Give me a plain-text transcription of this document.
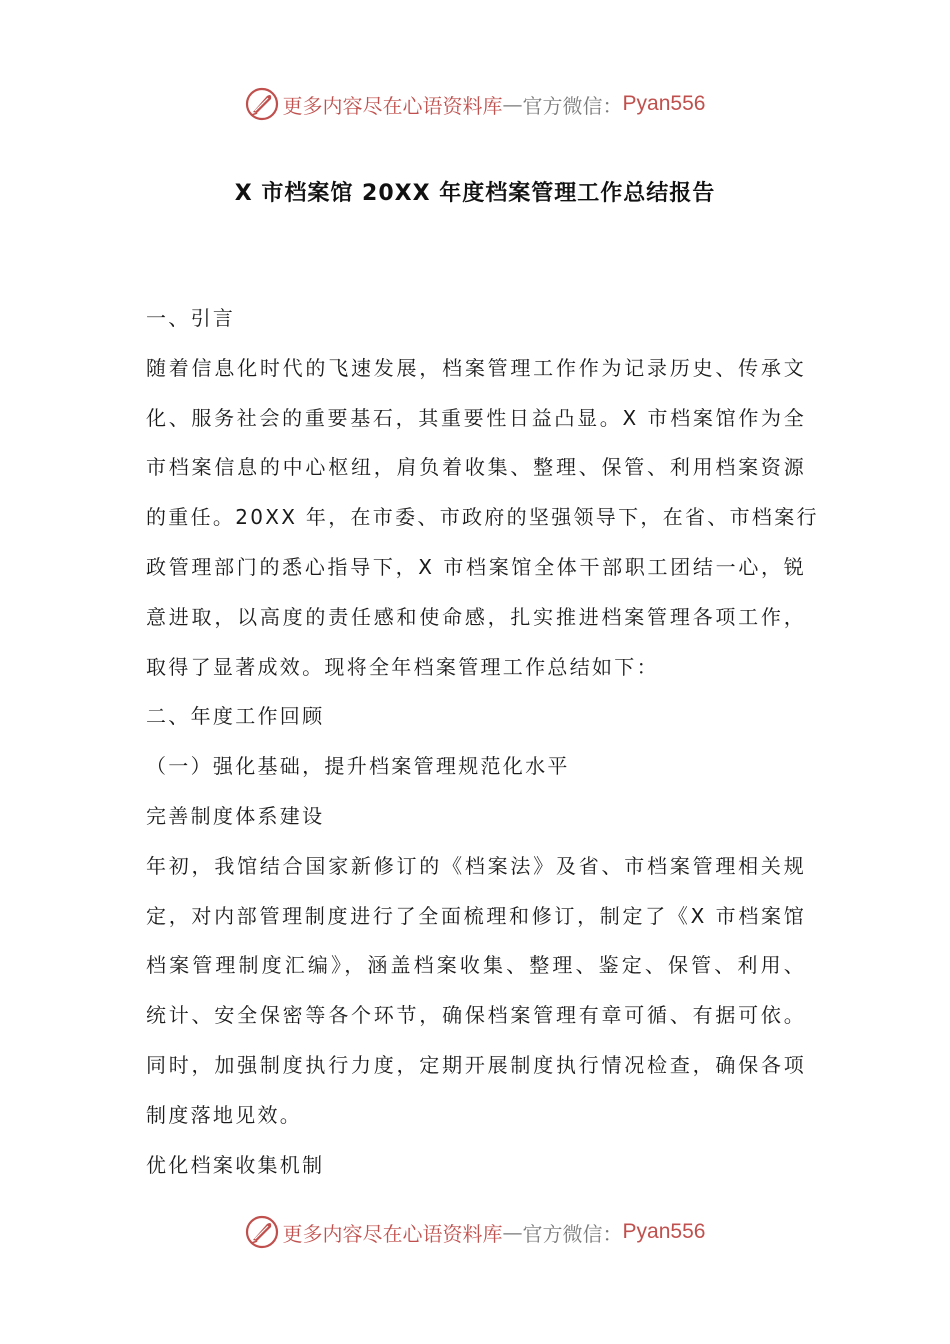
更多内容尽在心语资料库 — 官方微信： Pyan556
X 市档案馆 20XX 年度档案管理工作总结报告

一、引言

随着信息化时代的飞速发展，档案管理工作作为记录历史、传承文

化、服务社会的重要基石，其重要性日益凸显。X 市档案馆作为全

市档案信息的中心枢纽，肩负着收集、整理、保管、利用档案资源

的重任。20XX 年，在市委、市政府的坚强领导下，在省、市档案行

政管理部门的悉心指导下，X 市档案馆全体干部职工团结一心，锐

意进取，以高度的责任感和使命感，扎实推进档案管理各项工作，

取得了显著成效。现将全年档案管理工作总结如下：

二、年度工作回顾

（一）强化基础，提升档案管理规范化水平

完善制度体系建设

年初，我馆结合国家新修订的《档案法》及省、市档案管理相关规

定，对内部管理制度进行了全面梳理和修订，制定了《X 市档案馆

档案管理制度汇编》，涵盖档案收集、整理、鉴定、保管、利用、

统计、安全保密等各个环节，确保档案管理有章可循、有据可依。

同时，加强制度执行力度，定期开展制度执行情况检查，确保各项

制度落地见效。

优化档案收集机制

更多内容尽在心语资料库 — 官方微信： Pyan556
